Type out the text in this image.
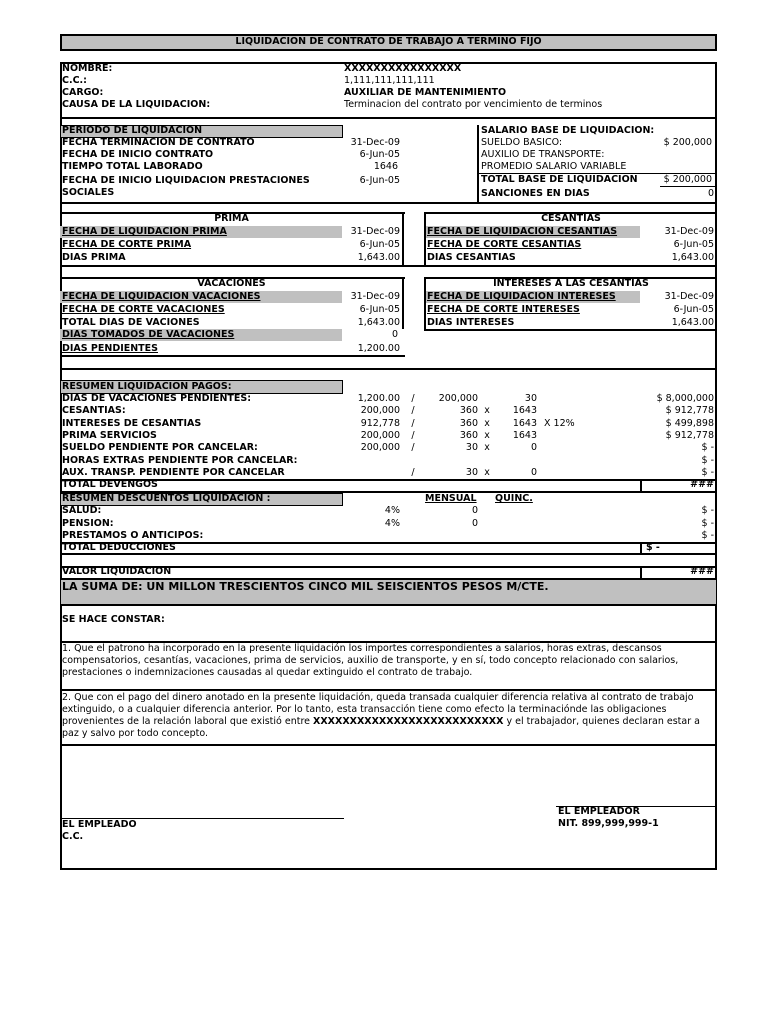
LIQUIDACION DE CONTRATO DE TRABAJO A TERMINO FIJO
NOMBRE:	XXXXXXXXXXXXXXXX
C.C.:	1,111,111,111,111
CARGO:	AUXILIAR DE MANTENIMIENTO
CAUSA DE LA LIQUIDACION:	Terminacion del contrato por vencimiento de terminos
PERIODO DE LIQUIDACION
FECHA TERMINACION DE CONTRATO	31-Dec-09
FECHA DE INICIO CONTRATO	6-Jun-05
TIEMPO TOTAL LABORADO	1646
FECHA DE INICIO LIQUIDACION PRESTACIONES SOCIALES
6-Jun-05
SALARIO BASE DE LIQUIDACION:
SUELDO BASICO:	$ 200,000
AUXILIO DE TRANSPORTE:
PROMEDIO SALARIO VARIABLE
TOTAL BASE DE LIQUIDACION	$ 200,000
SANCIONES EN DIAS	0
PRIMA
FECHA DE LIQUIDACION PRIMA	31-Dec-09
FECHA DE CORTE PRIMA	6-Jun-05
DIAS PRIMA	1,643.00
CESANTIAS
FECHA DE LIQUIDACION CESANTIAS	31-Dec-09
FECHA DE CORTE CESANTIAS	6-Jun-05
DIAS CESANTIAS	1,643.00
VACACIONES
FECHA DE LIQUIDACION VACACIONES	31-Dec-09
FECHA DE CORTE VACACIONES	6-Jun-05
TOTAL DIAS DE VACIONES	1,643.00
DIAS TOMADOS DE VACACIONES	0
DIAS PENDIENTES	1,200.00
INTERESES A LAS CESANTIAS
FECHA DE LIQUIDACION INTERESES	31-Dec-09
FECHA DE CORTE INTERESES	6-Jun-05
DIAS INTERESES	1,643.00
RESUMEN LIQUIDACION PAGOS:
DIAS DE VACACIONES PENDIENTES:	1,200.00	/	200,000	30	$ 8,000,000
CESANTIAS:	200,000	/	360 x	1643	$ 912,778
INTERESES DE CESANTIAS	912,778	/	360 x	1643 X 12%	$ 499,898
PRIMA SERVICIOS	200,000	/	360 x	1643	$ 912,778
SUELDO PENDIENTE POR CANCELAR:	200,000	/	30 x	0	$ -
HORAS EXTRAS PENDIENTE POR CANCELAR:	$ -
AUX. TRANSP. PENDIENTE POR CANCELAR	/	30 x	0	$ -
TOTAL DEVENGOS	###
RESUMEN DESCUENTOS LIQUIDACION :	MENSUAL QUINC.
SALUD:	4%	0	$ -
PENSION:	4%	0	$ -
PRESTAMOS O ANTICIPOS:	$ -
TOTAL DEDUCCIONES	$ -
VALOR LIQUIDACION	###
LA SUMA DE: UN MILLON TRESCIENTOS CINCO MIL SEISCIENTOS PESOS M/CTE.
SE HACE CONSTAR:
1. Que el patrono ha incorporado en la presente liquidación los importes correspondientes a salarios, horas extras, descansos compensatorios, cesantías, vacaciones, prima de servicios, auxilio de transporte, y en sí, todo concepto relacionado con salarios, prestaciones o indemnizaciones causadas al quedar extinguido el contrato de trabajo.
2. Que con el pago del dinero anotado en la presente liquidación, queda transada cualquier diferencia relativa al contrato de trabajo extinguido, o a cualquier diferencia anterior. Por lo tanto, esta transacción tiene como efecto la terminaciónde las obligaciones provenientes de la relación laboral que existió entre XXXXXXXXXXXXXXXXXXXXXXXXXX y el trabajador, quienes declaran estar a paz y salvo por todo concepto.
EL EMPLEADOR
NIT. 899,999,999-1
EL EMPLEADO
C.C.
